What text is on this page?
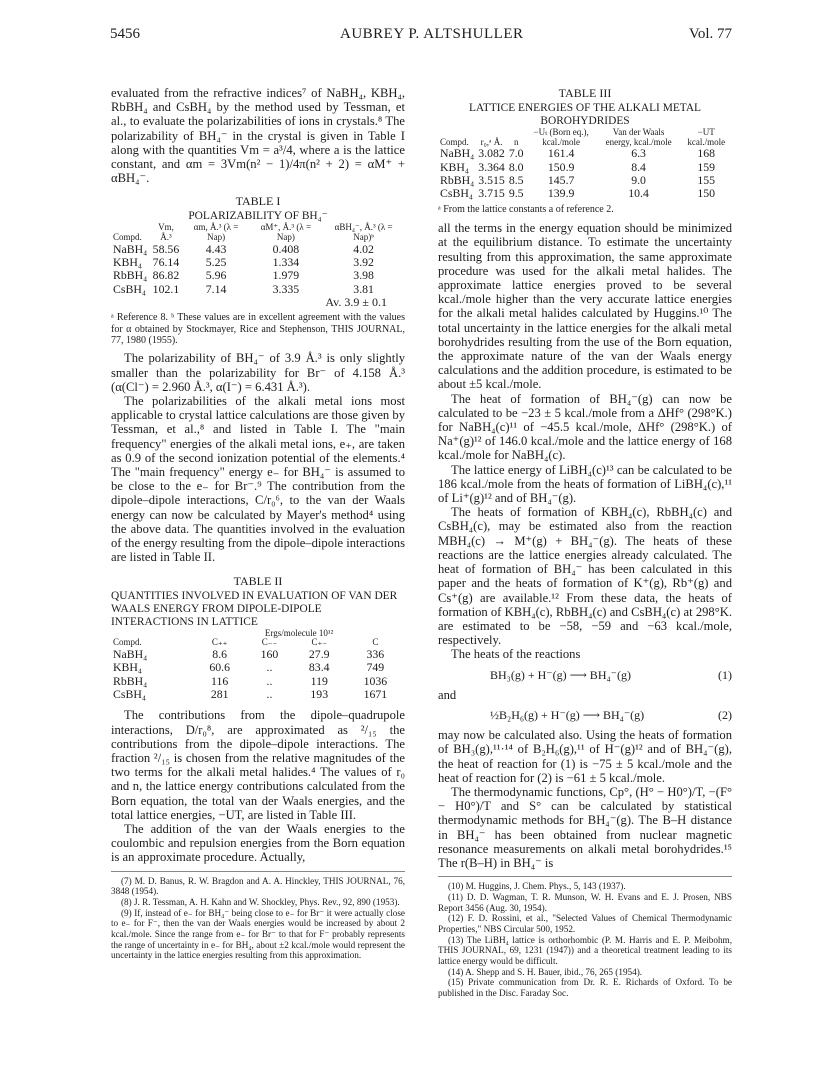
5456	AUBREY P. ALTSHULLER	Vol. 77

evaluated from the refractive indices⁷ of NaBH₄, KBH₄, RbBH₄ and CsBH₄ by the method used by Tessman, et al., to evaluate the polarizabilities of ions in crystals.⁸ The polarizability of BH₄⁻ in the crystal is given in Table I along with the quantities Vm = a³/4, where a is the lattice constant, and αm = 3Vm(n² − 1)/4π(n² + 2) = αM⁺ + αBH₄⁻.

TABLE I
POLARIZABILITY OF BH₄⁻
Compd.	Vm, Å.³	αm, Å.³ (λ = Nap)	αM⁺, Å.³ (λ = Nap)	αBH₄⁻, Å.³ (λ = Nap)ᵇ
NaBH₄	58.56	4.43	0.408	4.02
KBH₄	76.14	5.25	1.334	3.92
RbBH₄	86.82	5.96	1.979	3.98
CsBH₄	102.1	7.14	3.335	3.81
Av. 3.9 ± 0.1
ᵃ Reference 8. ᵇ These values are in excellent agreement with the values for α obtained by Stockmayer, Rice and Stephenson, THIS JOURNAL, 77, 1980 (1955).

The polarizability of BH₄⁻ of 3.9 Å.³ is only slightly smaller than the polarizability for Br⁻ of 4.158 Å.³ (α(Cl⁻) = 2.960 Å.³, α(I⁻) = 6.431 Å.³).

The polarizabilities of the alkali metal ions most applicable to crystal lattice calculations are those given by Tessman, et al.,⁸ and listed in Table I. The "main frequency" energies of the alkali metal ions, e₊, are taken as 0.9 of the second ionization potential of the elements.⁴ The "main frequency" energy e₋ for BH₄⁻ is assumed to be close to the e₋ for Br⁻.⁹ The contribution from the dipole–dipole interactions, C/r₀⁶, to the van der Waals energy can now be calculated by Mayer's method⁴ using the above data. The quantities involved in the evaluation of the energy resulting from the dipole–dipole interactions are listed in Table II.

TABLE II
QUANTITIES INVOLVED IN EVALUATION OF VAN DER WAALS ENERGY FROM DIPOLE-DIPOLE INTERACTIONS IN LATTICE
	Ergs/molecule 10¹²			
Compd.	C₊₊	C₋₋	C₊₋	C
NaBH₄	8.6	160	27.9	336
KBH₄	60.6	..	83.4	749
RbBH₄	116	..	119	1036
CsBH₄	281	..	193	1671

The contributions from the dipole–quadrupole interactions, D/r₀⁸, are approximated as ²/₁₅ the contributions from the dipole–dipole interactions. The fraction ²/₁₅ is chosen from the relative magnitudes of the two terms for the alkali metal halides.⁴ The values of r₀ and n, the lattice energy contributions calculated from the Born equation, the total van der Waals energies, and the total lattice energies, −UT, are listed in Table III.

The addition of the van der Waals energies to the coulombic and repulsion energies from the Born equation is an approximate procedure. Actually,

(7) M. D. Banus, R. W. Bragdon and A. A. Hinckley, THIS JOURNAL, 76, 3848 (1954).
(8) J. R. Tessman, A. H. Kahn and W. Shockley, Phys. Rev., 92, 890 (1953).
(9) If, instead of e₋ for BH₄⁻ being close to e₋ for Br⁻ it were actually close to e₋ for F⁻, then the van der Waals energies would be increased by about 2 kcal./mole. Since the range from e₋ for Br⁻ to that for F⁻ probably represents the range of uncertainty in e₋ for BH₄, about ±2 kcal./mole would represent the uncertainty in the lattice energies resulting from this approximation.
TABLE III
LATTICE ENERGIES OF THE ALKALI METAL BOROHYDRIDES
Compd.	r₀,ᵃ Å.	n	−Uₜ (Born eq.), kcal./mole	Van der Waals energy, kcal./mole	−UT kcal./mole
NaBH₄	3.082	7.0	161.4	6.3	168
KBH₄	3.364	8.0	150.9	8.4	159
RbBH₄	3.515	8.5	145.7	9.0	155
CsBH₄	3.715	9.5	139.9	10.4	150
ᵃ From the lattice constants a of reference 2.

all the terms in the energy equation should be minimized at the equilibrium distance. To estimate the uncertainty resulting from this approximation, the same approximate procedure was used for the alkali metal halides. The approximate lattice energies proved to be several kcal./mole higher than the very accurate lattice energies for the alkali metal halides calculated by Huggins.¹⁰ The total uncertainty in the lattice energies for the alkali metal borohydrides resulting from the use of the Born equation, the approximate nature of the van der Waals energy calculations and the addition procedure, is estimated to be about ±5 kcal./mole.

The heat of formation of BH₄⁻(g) can now be calculated to be −23 ± 5 kcal./mole from a ΔHf° (298°K.) for NaBH₄(c)¹¹ of −45.5 kcal./mole, ΔHf° (298°K.) of Na⁺(g)¹² of 146.0 kcal./mole and the lattice energy of 168 kcal./mole for NaBH₄(c).

The lattice energy of LiBH₄(c)¹³ can be calculated to be 186 kcal./mole from the heats of formation of LiBH₄(c),¹¹ of Li⁺(g)¹² and of BH₄⁻(g).

The heats of formation of KBH₄(c), RbBH₄(c) and CsBH₄(c), may be estimated also from the reaction MBH₄(c) → M⁺(g) + BH₄⁻(g). The heats of these reactions are the lattice energies already calculated. The heat of formation of BH₄⁻ has been calculated in this paper and the heats of formation of K⁺(g), Rb⁺(g) and Cs⁺(g) are available.¹² From these data, the heats of formation of KBH₄(c), RbBH₄(c) and CsBH₄(c) at 298°K. are estimated to be −58, −59 and −63 kcal./mole, respectively.

The heats of the reactions

BH₃(g) + H⁻(g) ⟶ BH₄⁻(g)	(1)
and
½B₂H₆(g) + H⁻(g) ⟶ BH₄⁻(g)	(2)

may now be calculated also. Using the heats of formation of BH₃(g),¹¹·¹⁴ of B₂H₆(g),¹¹ of H⁻(g)¹² and of BH₄⁻(g), the heat of reaction for (1) is −75 ± 5 kcal./mole and the heat of reaction for (2) is −61 ± 5 kcal./mole.

The thermodynamic functions, Cp°, (H° − H0°)/T, −(F° − H0°)/T and S° can be calculated by statistical thermodynamic methods for BH₄⁻(g). The B–H distance in BH₄⁻ has been obtained from nuclear magnetic resonance measurements on alkali metal borohydrides.¹⁵ The r(B–H) in BH₄⁻ is

(10) M. Huggins, J. Chem. Phys., 5, 143 (1937).
(11) D. D. Wagman, T. R. Munson, W. H. Evans and E. J. Prosen, NBS Report 3456 (Aug. 30, 1954).
(12) F. D. Rossini, et al., "Selected Values of Chemical Thermodynamic Properties," NBS Circular 500, 1952.
(13) The LiBH₄ lattice is orthorhombic (P. M. Harris and E. P. Meibohm, THIS JOURNAL, 69, 1231 (1947)) and a theoretical treatment leading to its lattice energy would be difficult.
(14) A. Shepp and S. H. Bauer, ibid., 76, 265 (1954).
(15) Private communication from Dr. R. E. Richards of Oxford. To be published in the Disc. Faraday Soc.
